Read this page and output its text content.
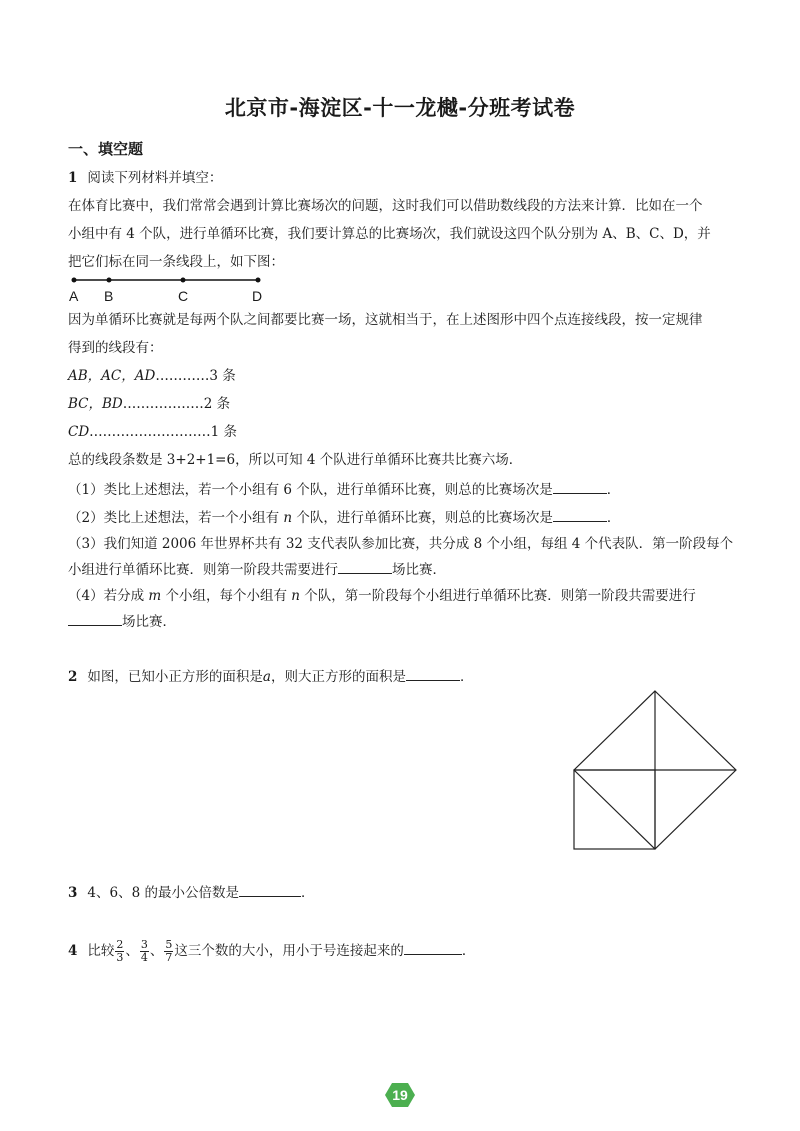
北京市-海淀区-十一龙樾-分班考试卷
一、填空题
1 阅读下列材料并填空：
在体育比赛中，我们常常会遇到计算比赛场次的问题，这时我们可以借助数线段的方法来计算．比如在一个
小组中有 4 个队，进行单循环比赛，我们要计算总的比赛场次，我们就设这四个队分别为 A、B、C、D，并
把它们标在同一条线段上，如下图：
A B	C	D
因为单循环比赛就是每两个队之间都要比赛一场，这就相当于，在上述图形中四个点连接线段，按一定规律
得到的线段有：
AB，AC，AD…………3 条
BC，BD………………2 条
CD………………………1 条
总的线段条数是 3+2+1=6，所以可知 4 个队进行单循环比赛共比赛六场．
（1）类比上述想法，若一个小组有 6 个队，进行单循环比赛，则总的比赛场次是	．
（2）类比上述想法，若一个小组有 n 个队，进行单循环比赛，则总的比赛场次是	．
（3）我们知道 2006 年世界杯共有 32 支代表队参加比赛，共分成 8 个小组，每组 4 个代表队．第一阶段每个
小组进行单循环比赛．则第一阶段共需要进行	场比赛．
（4）若分成 m 个小组，每个小组有 n 个队，第一阶段每个小组进行单循环比赛．则第一阶段共需要进行
场比赛．
2 如图，已知小正方形的面积是a，则大正方形的面积是	．
3 4、6、8 的最小公倍数是	．
4 比较 $\frac{2}{3}$ 、 $\frac{3}{4}$ 、 $\frac{5}{7}$ 这三个数的大小，用小于号连接起来的	．
19
